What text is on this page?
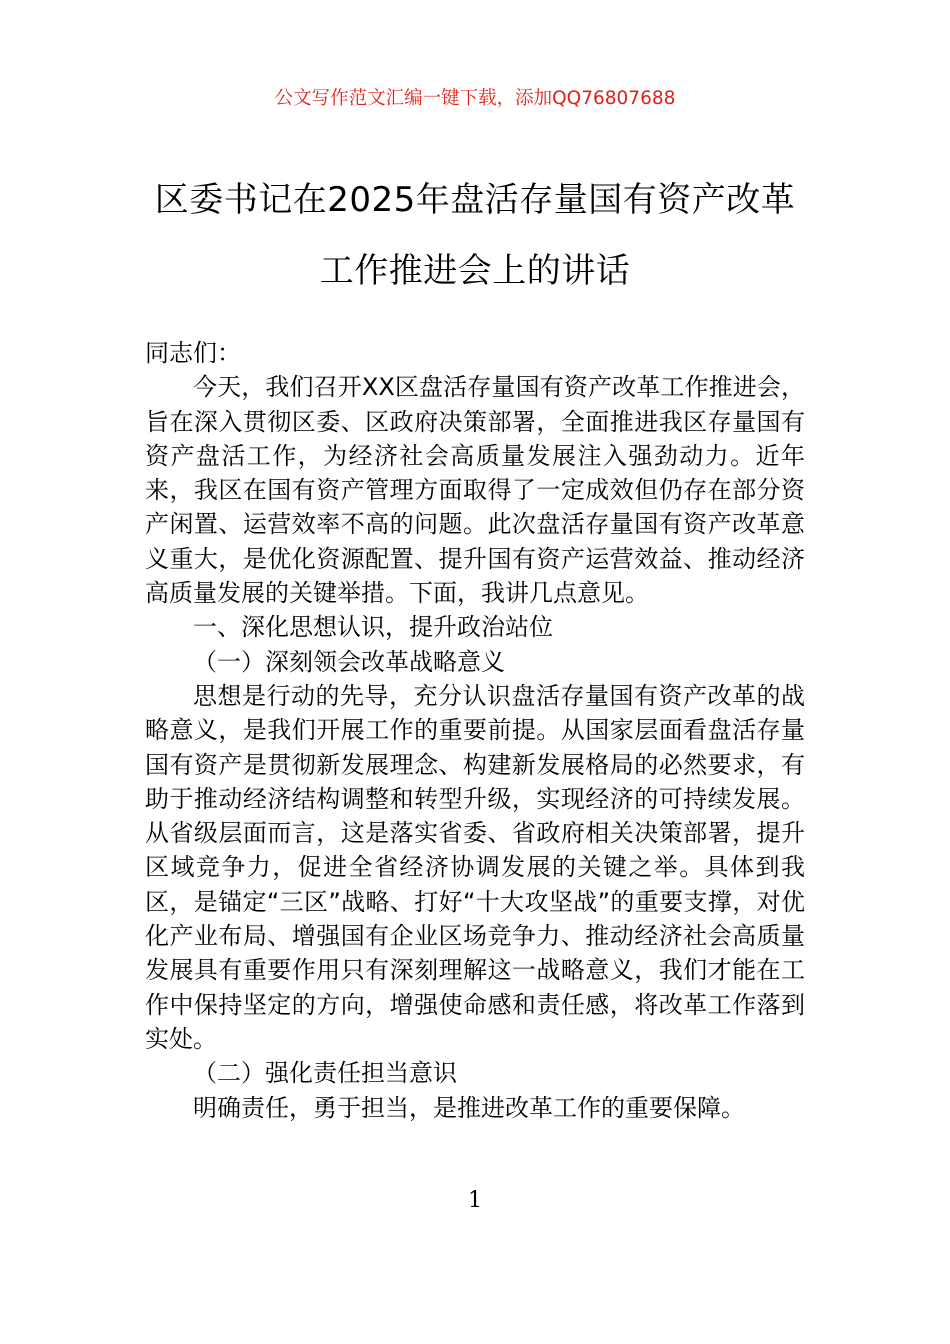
公文写作范文汇编一键下载，添加QQ76807688
区委书记在2025年盘活存量国有资产改革
工作推进会上的讲话

同志们：

今天，我们召开XX区盘活存量国有资产改革工作推进会，旨在深入贯彻区委、区政府决策部署，全面推进我区存量国有资产盘活工作，为经济社会高质量发展注入强劲动力。近年来，我区在国有资产管理方面取得了一定成效但仍存在部分资产闲置、运营效率不高的问题。此次盘活存量国有资产改革意义重大，是优化资源配置、提升国有资产运营效益、推动经济高质量发展的关键举措。下面，我讲几点意见。

一、深化思想认识，提升政治站位

（一）深刻领会改革战略意义

思想是行动的先导，充分认识盘活存量国有资产改革的战略意义，是我们开展工作的重要前提。从国家层面看盘活存量国有资产是贯彻新发展理念、构建新发展格局的必然要求，有助于推动经济结构调整和转型升级，实现经济的可持续发展。从省级层面而言，这是落实省委、省政府相关决策部署，提升区域竞争力，促进全省经济协调发展的关键之举。具体到我区，是锚定“三区”战略、打好“十大攻坚战”的重要支撑，对优化产业布局、增强国有企业区场竞争力、推动经济社会高质量发展具有重要作用只有深刻理解这一战略意义，我们才能在工作中保持坚定的方向，增强使命感和责任感，将改革工作落到实处。

（二）强化责任担当意识

明确责任，勇于担当，是推进改革工作的重要保障。

1
